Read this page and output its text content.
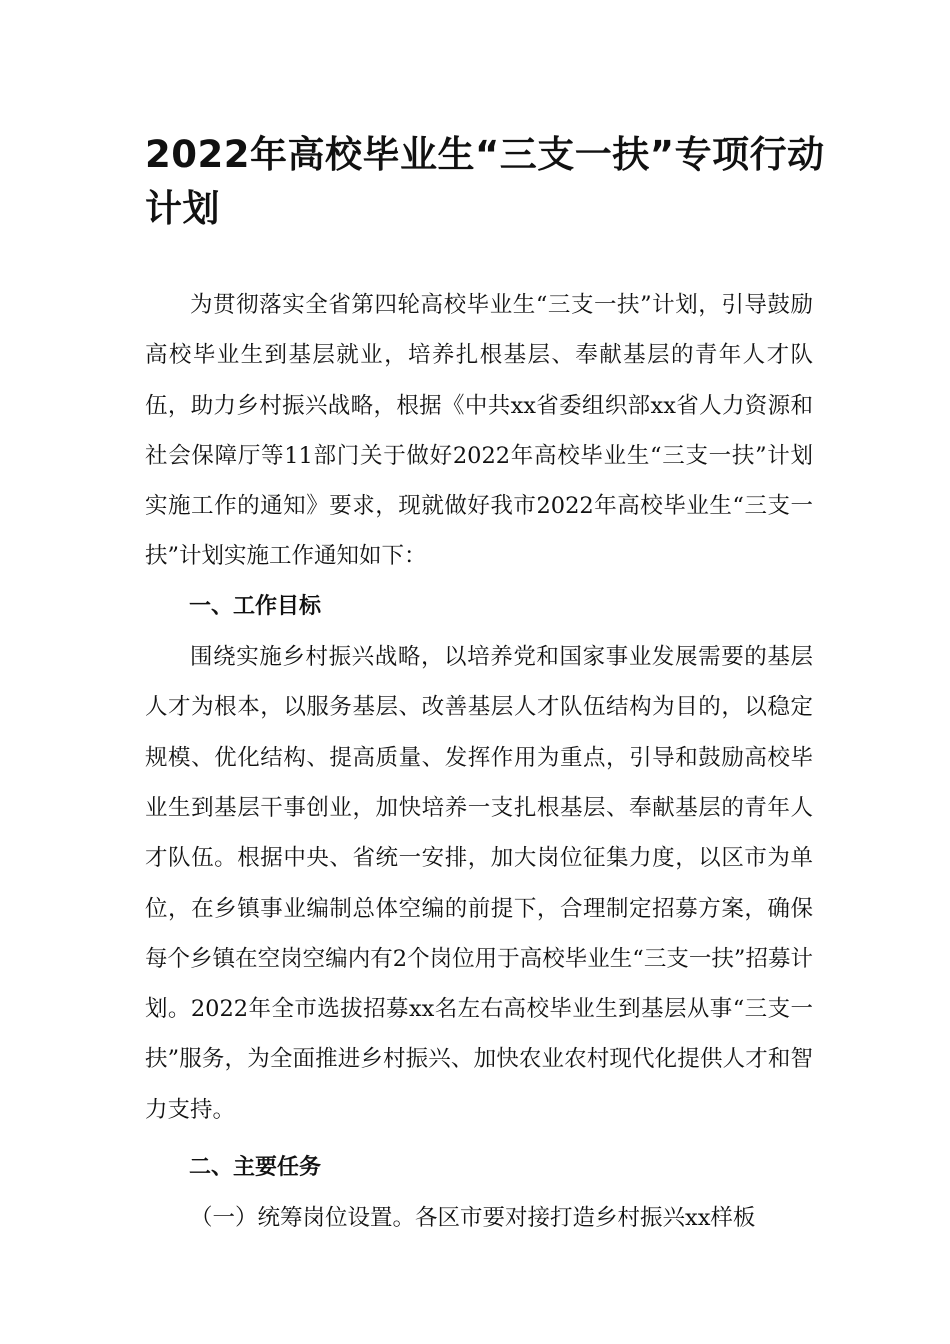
2022年高校毕业生“三支一扶”专项行动计划

为贯彻落实全省第四轮高校毕业生“三支一扶”计划，引导鼓励高校毕业生到基层就业，培养扎根基层、奉献基层的青年人才队伍，助力乡村振兴战略，根据《中共xx省委组织部xx省人力资源和社会保障厅等11部门关于做好2022年高校毕业生“三支一扶”计划实施工作的通知》要求，现就做好我市2022年高校毕业生“三支一扶”计划实施工作通知如下：

一、工作目标

围绕实施乡村振兴战略，以培养党和国家事业发展需要的基层人才为根本，以服务基层、改善基层人才队伍结构为目的，以稳定规模、优化结构、提高质量、发挥作用为重点，引导和鼓励高校毕业生到基层干事创业，加快培养一支扎根基层、奉献基层的青年人才队伍。根据中央、省统一安排，加大岗位征集力度，以区市为单位，在乡镇事业编制总体空编的前提下，合理制定招募方案，确保每个乡镇在空岗空编内有2个岗位用于高校毕业生“三支一扶”招募计划。2022年全市选拔招募xx名左右高校毕业生到基层从事“三支一扶”服务，为全面推进乡村振兴、加快农业农村现代化提供人才和智力支持。

二、主要任务

（一）统筹岗位设置。各区市要对接打造乡村振兴xx样板
